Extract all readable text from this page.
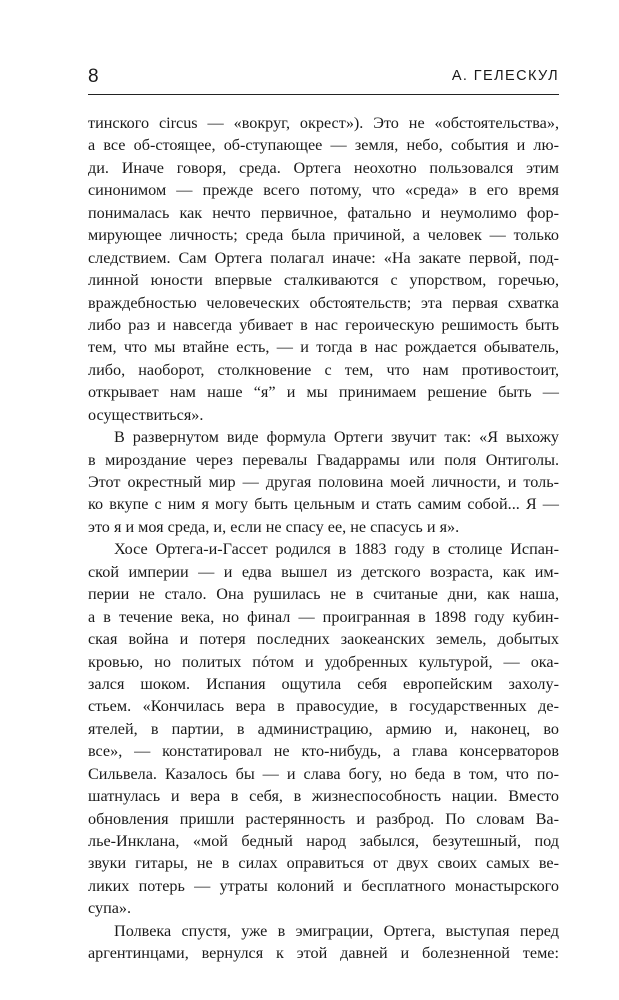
8	А. ГЕЛЕСКУЛ
тинского circus — «вокруг, окрест»). Это не «обстоятельства»,
а все об-стоящее, об-ступающее — земля, небо, события и лю-
ди. Иначе говоря, среда. Ортега неохотно пользовался этим
синонимом — прежде всего потому, что «среда» в его время
понималась как нечто первичное, фатально и неумолимо фор-
мирующее личность; среда была причиной, а человек — только
следствием. Сам Ортега полагал иначе: «На закате первой, под-
линной юности впервые сталкиваются с упорством, горечью,
враждебностью человеческих обстоятельств; эта первая схватка
либо раз и навсегда убивает в нас героическую решимость быть
тем, что мы втайне есть, — и тогда в нас рождается обыватель,
либо, наоборот, столкновение с тем, что нам противостоит,
открывает нам наше “я” и мы принимаем решение быть —
осуществиться».
В развернутом виде формула Ортеги звучит так: «Я выхожу
в мироздание через перевалы Гвадаррамы или поля Онтиголы.
Этот окрестный мир — другая половина моей личности, и толь-
ко вкупе с ним я могу быть цельным и стать самим собой... Я —
это я и моя среда, и, если не спасу ее, не спасусь и я».
Хосе Ортега-и-Гассет родился в 1883 году в столице Испан-
ской империи — и едва вышел из детского возраста, как им-
перии не стало. Она рушилась не в считаные дни, как наша,
а в течение века, но финал — проигранная в 1898 году кубин-
ская война и потеря последних заокеанских земель, добытых
кровью, но политых пóтом и удобренных культурой, — ока-
зался шоком. Испания ощутила себя европейским захолу-
стьем. «Кончилась вера в правосудие, в государственных де-
ятелей, в партии, в администрацию, армию и, наконец, во
все», — констатировал не кто-нибудь, а глава консерваторов
Сильвела. Казалось бы — и слава богу, но беда в том, что по-
шатнулась и вера в себя, в жизнеспособность нации. Вместо
обновления пришли растерянность и разброд. По словам Ва-
лье-Инклана, «мой бедный народ забылся, безутешный, под
звуки гитары, не в силах оправиться от двух своих самых ве-
ликих потерь — утраты колоний и бесплатного монастырского
супа».
Полвека спустя, уже в эмиграции, Ортега, выступая перед
аргентинцами, вернулся к этой давней и болезненной теме:
